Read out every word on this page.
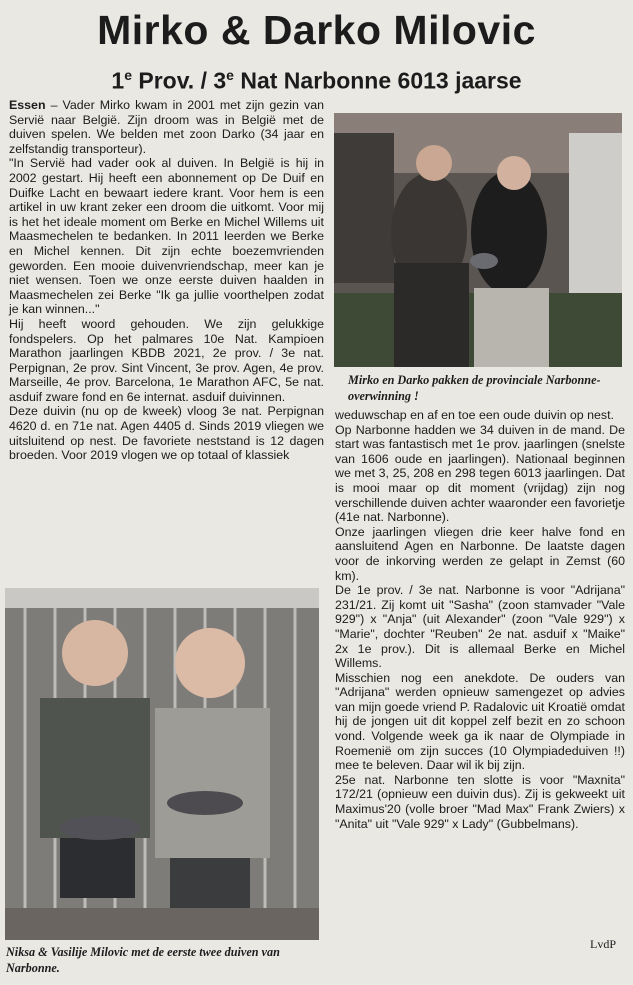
Mirko & Darko Milovic
1e Prov. / 3e Nat Narbonne 6013 jaarse

Essen – Vader Mirko kwam in 2001 met zijn gezin van Servië naar België. Zijn droom was in België met de duiven spelen. We belden met zoon Darko (34 jaar en zelfstandig transporteur).

"In Servië had vader ook al duiven. In België is hij in 2002 gestart. Hij heeft een abonnement op De Duif en Duifke Lacht en bewaart iedere krant. Voor hem is een artikel in uw krant zeker een droom die uitkomt. Voor mij is het het ideale moment om Berke en Michel Willems uit Maasmechelen te bedanken. In 2011 leerden we Berke en Michel kennen. Dit zijn echte boezemvrienden geworden. Een mooie duivenvriendschap, meer kan je niet wensen. Toen we onze eerste duiven haalden in Maasmechelen zei Berke "Ik ga jullie voorthelpen zodat je kan winnen..."

Hij heeft woord gehouden. We zijn gelukkige fondspelers. Op het palmares 10e Nat. Kampioen Marathon jaarlingen KBDB 2021, 2e prov. / 3e nat. Perpignan, 2e prov. Sint Vincent, 3e prov. Agen, 4e prov. Marseille, 4e prov. Barcelona, 1e Marathon AFC, 5e nat. asduif zware fond en 6e internat. asduif duivinnen.

Deze duivin (nu op de kweek) vloog 3e nat. Perpignan 4620 d. en 71e nat. Agen 4405 d. Sinds 2019 vliegen we uitsluitend op nest. De favoriete neststand is 12 dagen broeden. Voor 2019 vlogen we op totaal of klassiek

Mirko en Darko pakken de provinciale Narbonne-overwinning !

weduwschap en af en toe een oude duivin op nest.

Op Narbonne hadden we 34 duiven in de mand. De start was fantastisch met 1e prov. jaarlingen (snelste van 1606 oude en jaarlingen). Nationaal beginnen we met 3, 25, 208 en 298 tegen 6013 jaarlingen. Dat is mooi maar op dit moment (vrijdag) zijn nog verschillende duiven achter waaronder een favorietje (41e nat. Narbonne).

Onze jaarlingen vliegen drie keer halve fond en aansluitend Agen en Narbonne. De laatste dagen voor de inkorving werden ze gelapt in Zemst (60 km).

De 1e prov. / 3e nat. Narbonne is voor "Adrijana" 231/21. Zij komt uit "Sasha" (zoon stamvader "Vale 929") x "Anja" (uit Alexander" (zoon "Vale 929") x "Marie", dochter "Reuben" 2e nat. asduif x "Maike" 2x 1e prov.). Dit is allemaal Berke en Michel Willems.

Misschien nog een anekdote. De ouders van "Adrijana" werden opnieuw samengezet op advies van mijn goede vriend P. Radalovic uit Kroatië omdat hij de jongen uit dit koppel zelf bezit en zo schoon vond. Volgende week ga ik naar de Olympiade in Roemenië om zijn succes (10 Olympiadeduiven !!) mee te beleven. Daar wil ik bij zijn.

25e nat. Narbonne ten slotte is voor "Maxnita" 172/21 (opnieuw een duivin dus). Zij is gekweekt uit Maximus'20 (volle broer "Mad Max" Frank Zwiers) x "Anita" uit "Vale 929" x Lady" (Gubbelmans).

Niksa & Vasilije Milovic met de eerste twee duiven van Narbonne.
LvdP
